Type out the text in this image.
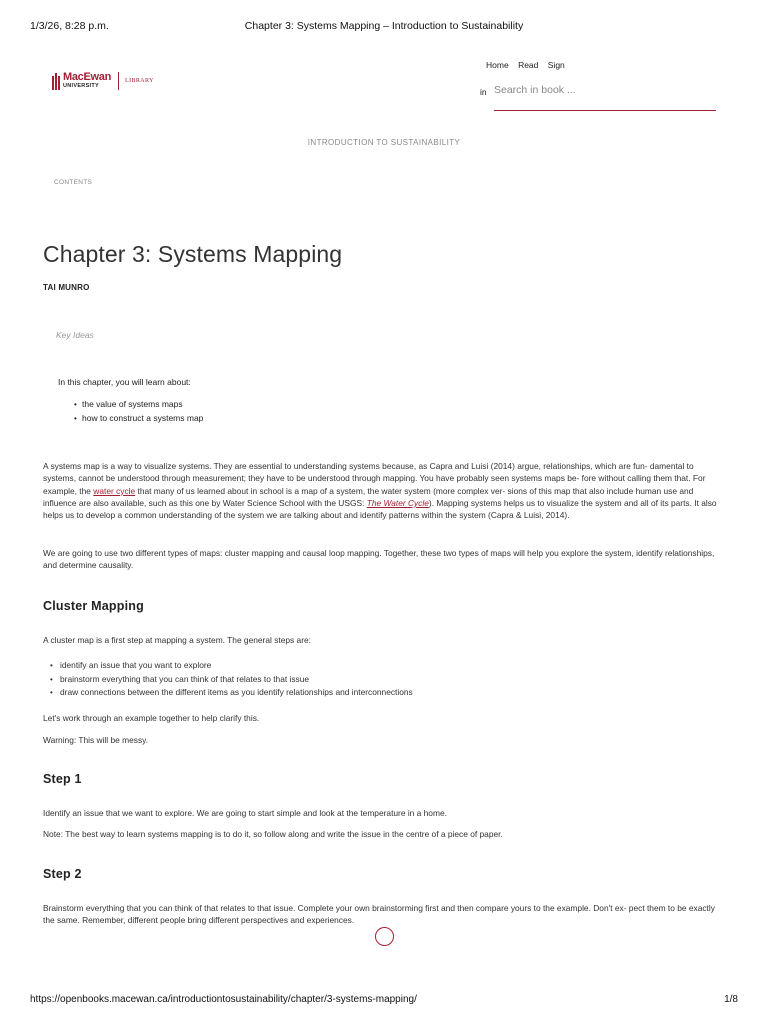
1/3/26, 8:28 p.m.	Chapter 3: Systems Mapping – Introduction to Sustainability
MacEwan
UNIVERSITY
LIBRARY
Home Read Sign
in
Search in book ...
INTRODUCTION TO SUSTAINABILITY
CONTENTS
Chapter 3: Systems Mapping
TAI MUNRO
Key Ideas
In this chapter, you will learn about:
• the value of systems maps
• how to construct a systems map

A systems map is a way to visualize systems. They are essential to understanding systems because, as Capra and Luisi (2014) argue, relationships, which are fun- damental to systems, cannot be understood through measurement; they have to be understood through mapping. You have probably seen systems maps be- fore without calling them that. For example, the water cycle that many of us learned about in school is a map of a system, the water system (more complex ver- sions of this map that also include human use and influence are also available, such as this one by Water Science School with the USGS: The Water Cycle). Mapping systems helps us to visualize the system and all of its parts. It also helps us to develop a common understanding of the system we are talking about and identify patterns within the system (Capra & Luisi, 2014).

We are going to use two different types of maps: cluster mapping and causal loop mapping. Together, these two types of maps will help you explore the system, identify relationships, and determine causality.

Cluster Mapping

A cluster map is a first step at mapping a system. The general steps are:

• identify an issue that you want to explore
• brainstorm everything that you can think of that relates to that issue
• draw connections between the different items as you identify relationships and interconnections

Let's work through an example together to help clarify this.

Warning: This will be messy.

Step 1

Identify an issue that we want to explore. We are going to start simple and look at the temperature in a home.

Note: The best way to learn systems mapping is to do it, so follow along and write the issue in the centre of a piece of paper.

Step 2

Brainstorm everything that you can think of that relates to that issue. Complete your own brainstorming first and then compare yours to the example. Don't ex- pect them to be exactly the same. Remember, different people bring different perspectives and experiences.

https://openbooks.macewan.ca/introductiontosustainability/chapter/3-systems-mapping/	1/8
